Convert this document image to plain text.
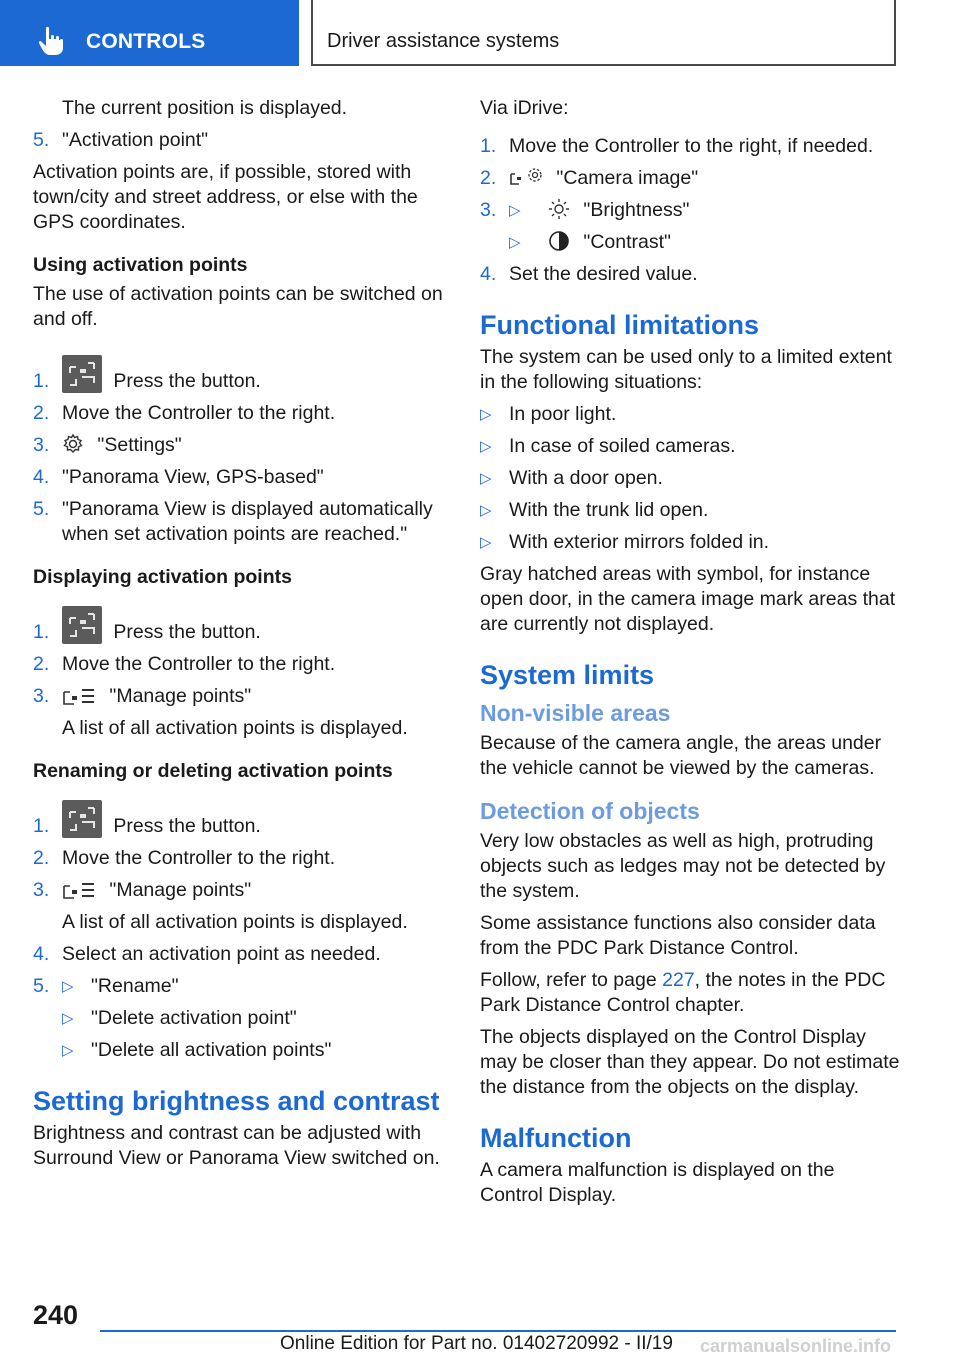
CONTROLS	Driver assistance systems
The current position is displayed.
5. "Activation point"
Activation points are, if possible, stored with town/city and street address, or else with the GPS coordinates.
Using activation points
The use of activation points can be switched on and off.
1.	Press the button.
2. Move the Controller to the right.
3. "Settings"
4. "Panorama View, GPS-based"
5. "Panorama View is displayed automatically when set activation points are reached."
Displaying activation points
1.	Press the button.
2. Move the Controller to the right.
3.	"Manage points"
A list of all activation points is displayed.
Renaming or deleting activation points
1.	Press the button.
2. Move the Controller to the right.
3.	"Manage points"
A list of all activation points is displayed.
4. Select an activation point as needed.
5. ▷ "Rename"
▷ "Delete activation point"
▷ "Delete all activation points"
Setting brightness and contrast
Brightness and contrast can be adjusted with Surround View or Panorama View switched on.
Via iDrive:
1. Move the Controller to the right, if needed.
2.	"Camera image"
3. ▷	"Brightness"
▷	"Contrast"
4. Set the desired value.
Functional limitations
The system can be used only to a limited extent in the following situations:
▷ In poor light.
▷ In case of soiled cameras.
▷ With a door open.
▷ With the trunk lid open.
▷ With exterior mirrors folded in.
Gray hatched areas with symbol, for instance open door, in the camera image mark areas that are currently not displayed.
System limits
Non-visible areas
Because of the camera angle, the areas under the vehicle cannot be viewed by the cameras.
Detection of objects
Very low obstacles as well as high, protruding objects such as ledges may not be detected by the system.
Some assistance functions also consider data from the PDC Park Distance Control.
Follow, refer to page 227, the notes in the PDC Park Distance Control chapter.
The objects displayed on the Control Display may be closer than they appear. Do not estimate the distance from the objects on the display.
Malfunction
A camera malfunction is displayed on the Control Display.
240
Online Edition for Part no. 01402720992 - II/19 carmanualsonline.info
